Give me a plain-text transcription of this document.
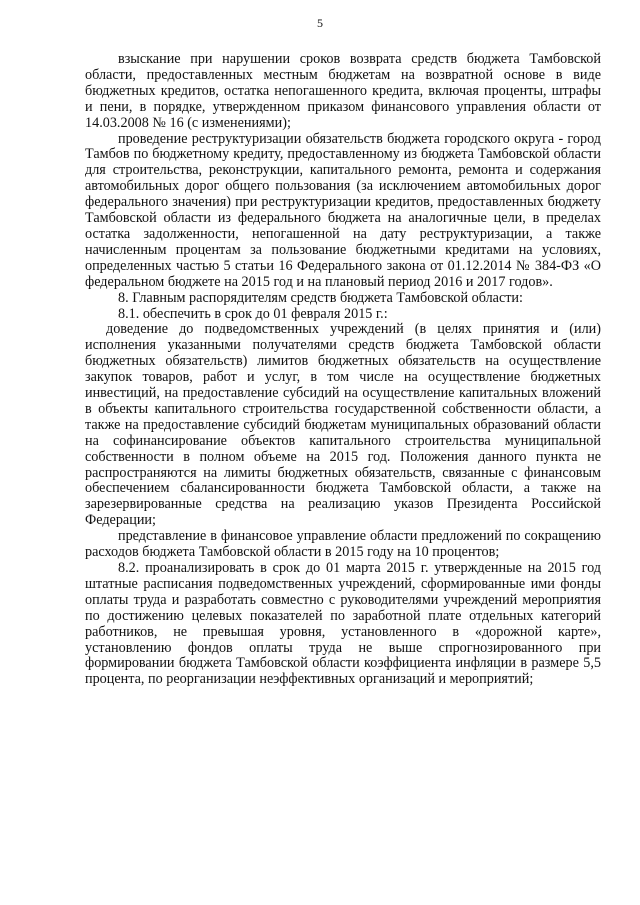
5

взыскание при нарушении сроков возврата средств бюджета Тамбовской области, предоставленных местным бюджетам на возвратной основе в виде бюджетных кредитов, остатка непогашенного кредита, включая проценты, штрафы и пени, в порядке, утвержденном приказом финансового управления области от 14.03.2008 № 16 (с изменениями);

проведение реструктуризации обязательств бюджета городского округа - город Тамбов по бюджетному кредиту, предоставленному из бюджета Тамбовской области для строительства, реконструкции, капитального ремонта, ремонта и содержания автомобильных дорог общего пользования (за исключением автомобильных дорог федерального значения) при реструктуризации кредитов, предоставленных бюджету Тамбовской области из федерального бюджета на аналогичные цели, в пределах остатка задолженности, непогашенной на дату реструктуризации, а также начисленным процентам за пользование бюджетными кредитами на условиях, определенных частью 5 статьи 16 Федерального закона от 01.12.2014 № 384-ФЗ «О федеральном бюджете на 2015 год и на плановый период 2016 и 2017 годов».

8. Главным распорядителям средств бюджета Тамбовской области:

8.1. обеспечить в срок до 01 февраля 2015 г.:

доведение до подведомственных учреждений (в целях принятия и (или) исполнения указанными получателями средств бюджета Тамбовской области бюджетных обязательств) лимитов бюджетных обязательств на осуществление закупок товаров, работ и услуг, в том числе на осуществление бюджетных инвестиций, на предоставление субсидий на осуществление капитальных вложений в объекты капитального строительства государственной собственности области, а также на предоставление субсидий бюджетам муниципальных образований области на софинансирование объектов капитального строительства муниципальной собственности в полном объеме на 2015 год. Положения данного пункта не распространяются на лимиты бюджетных обязательств, связанные с финансовым обеспечением сбалансированности бюджета Тамбовской области, а также на зарезервированные средства на реализацию указов Президента Российской Федерации;

представление в финансовое управление области предложений по сокращению расходов бюджета Тамбовской области в 2015 году на 10 процентов;

8.2. проанализировать в срок до 01 марта 2015 г. утвержденные на 2015 год штатные расписания подведомственных учреждений, сформированные ими фонды оплаты труда и разработать совместно с руководителями учреждений мероприятия по достижению целевых показателей по заработной плате отдельных категорий работников, не превышая уровня, установленного в «дорожной карте», установлению фондов оплаты труда не выше спрогнозированного при формировании бюджета Тамбовской области коэффициента инфляции в размере 5,5 процента, по реорганизации неэффективных организаций и мероприятий;
